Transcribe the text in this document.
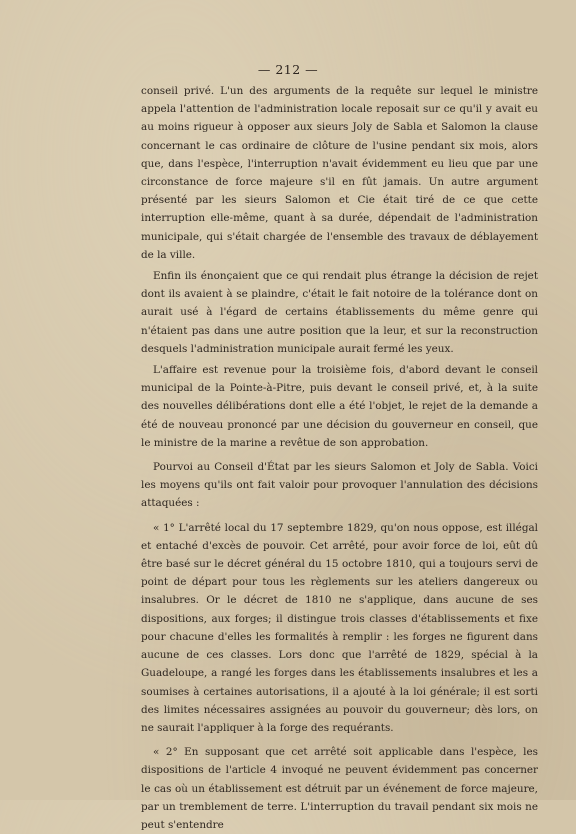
— 212 —

conseil privé. L'un des arguments de la requête sur lequel le ministre appela l'attention de l'administration locale reposait sur ce qu'il y avait eu au moins rigueur à opposer aux sieurs Joly de Sabla et Salomon la clause concernant le cas ordinaire de clôture de l'usine pendant six mois, alors que, dans l'espèce, l'interruption n'avait évidemment eu lieu que par une circonstance de force majeure s'il en fût jamais. Un autre argument présenté par les sieurs Salomon et Cie était tiré de ce que cette interruption elle-même, quant à sa durée, dépendait de l'administration municipale, qui s'était chargée de l'ensemble des travaux de déblayement de la ville.

Enfin ils énonçaient que ce qui rendait plus étrange la décision de rejet dont ils avaient à se plaindre, c'était le fait notoire de la tolérance dont on aurait usé à l'égard de certains établissements du même genre qui n'étaient pas dans une autre position que la leur, et sur la reconstruction desquels l'administration municipale aurait fermé les yeux.

L'affaire est revenue pour la troisième fois, d'abord devant le conseil municipal de la Pointe-à-Pitre, puis devant le conseil privé, et, à la suite des nouvelles délibérations dont elle a été l'objet, le rejet de la demande a été de nouveau prononcé par une décision du gouverneur en conseil, que le ministre de la marine a revêtue de son approbation.

Pourvoi au Conseil d'État par les sieurs Salomon et Joly de Sabla. Voici les moyens qu'ils ont fait valoir pour provoquer l'annulation des décisions attaquées :

« 1° L'arrêté local du 17 septembre 1829, qu'on nous oppose, est illégal et entaché d'excès de pouvoir. Cet arrêté, pour avoir force de loi, eût dû être basé sur le décret général du 15 octobre 1810, qui a toujours servi de point de départ pour tous les règlements sur les ateliers dangereux ou insalubres. Or le décret de 1810 ne s'applique, dans aucune de ses dispositions, aux forges; il distingue trois classes d'établissements et fixe pour chacune d'elles les formalités à remplir : les forges ne figurent dans aucune de ces classes. Lors donc que l'arrêté de 1829, spécial à la Guadeloupe, a rangé les forges dans les établissements insalubres et les a soumises à certaines autorisations, il a ajouté à la loi générale; il est sorti des limites nécessaires assignées au pouvoir du gouverneur; dès lors, on ne saurait l'appliquer à la forge des requérants.

« 2° En supposant que cet arrêté soit applicable dans l'espèce, les dispositions de l'article 4 invoqué ne peuvent évidemment pas concerner le cas où un établissement est détruit par un événement de force majeure, par un tremblement de terre. L'interruption du travail pendant six mois ne peut s'entendre
